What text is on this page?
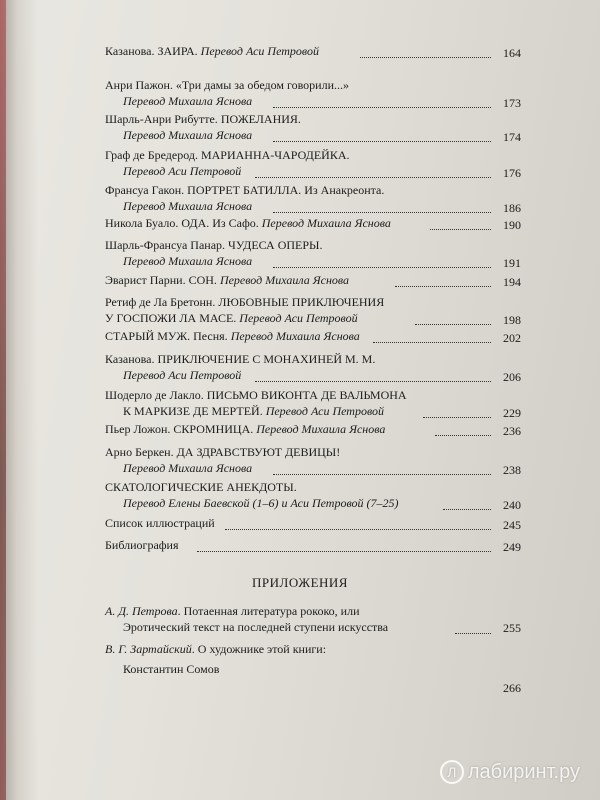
Казанова. ЗАИРА. Перевод Аси Петровой	164
Анри Пажон. «Три дамы за обедом говорили...»
Перевод Михаила Яснова	173
Шарль-Анри Рибутте. ПОЖЕЛАНИЯ.
Перевод Михаила Яснова	174
Граф де Бредерод. МАРИАННА-ЧАРОДЕЙКА.
Перевод Аси Петровой	176
Франсуа Гакон. ПОРТРЕТ БАТИЛЛА. Из Анакреонта.
Перевод Михаила Яснова	186
Никола Буало. ОДА. Из Сафо. Перевод Михаила Яснова	190
Шарль-Франсуа Панар. ЧУДЕСА ОПЕРЫ.
Перевод Михаила Яснова	191
Эварист Парни. СОН. Перевод Михаила Яснова	194
Ретиф де Ла Бретонн. ЛЮБОВНЫЕ ПРИКЛЮЧЕНИЯ
У ГОСПОЖИ ЛА МАСЕ. Перевод Аси Петровой	198
СТАРЫЙ МУЖ. Песня. Перевод Михаила Яснова	202
Казанова. ПРИКЛЮЧЕНИЕ С МОНАХИНЕЙ М. М.
Перевод Аси Петровой	206
Шодерло де Лакло. ПИСЬМО ВИКОНТА ДЕ ВАЛЬМОНА
К МАРКИЗЕ ДЕ МЕРТЕЙ. Перевод Аси Петровой	229
Пьер Ложон. СКРОМНИЦА. Перевод Михаила Яснова	236
Арно Беркен. ДА ЗДРАВСТВУЮТ ДЕВИЦЫ!
Перевод Михаила Яснова	238
СКАТОЛОГИЧЕСКИЕ АНЕКДОТЫ.
Перевод Елены Баевской (1–6) и Аси Петровой (7–25)	240
Список иллюстраций	245
Библиография	249
ПРИЛОЖЕНИЯ
А. Д. Петрова. Потаенная литература рококо, или
Эротический текст на последней ступени искусства	255
В. Г. Зартайский. О художнике этой книги:
Константин Сомов
266
Л лабиринт.ру
